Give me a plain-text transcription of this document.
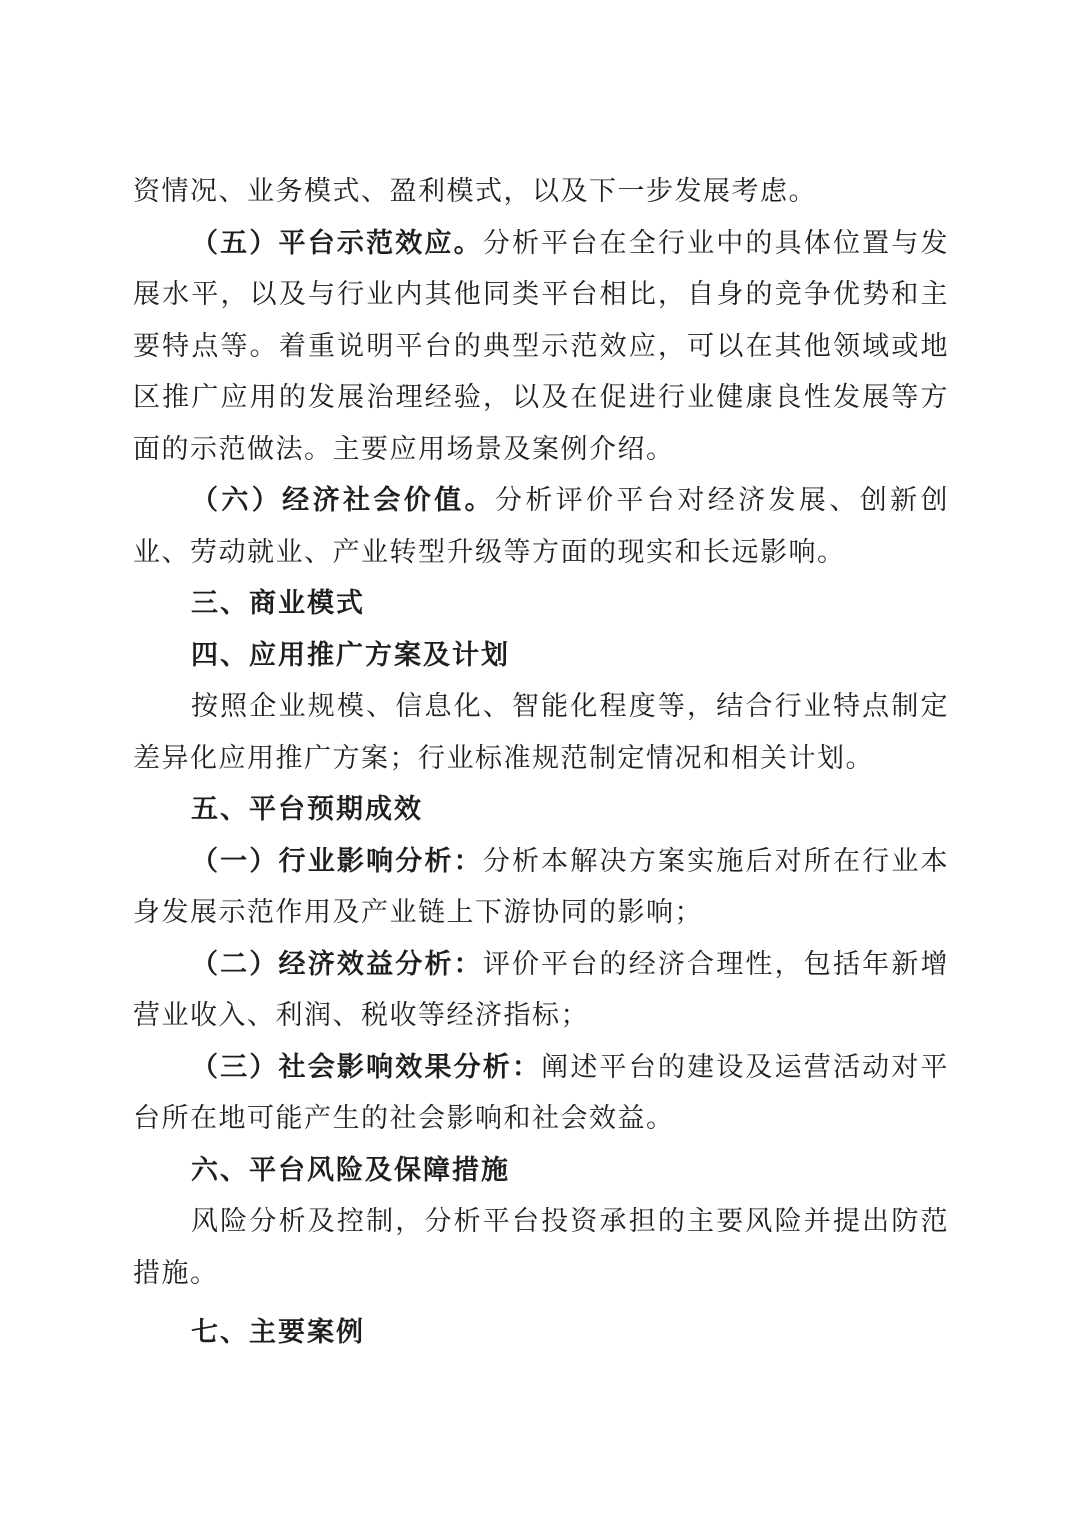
资情况、业务模式、盈利模式，以及下一步发展考虑。

（五）平台示范效应。分析平台在全行业中的具体位置与发展水平，以及与行业内其他同类平台相比，自身的竞争优势和主要特点等。着重说明平台的典型示范效应，可以在其他领域或地区推广应用的发展治理经验，以及在促进行业健康良性发展等方面的示范做法。主要应用场景及案例介绍。

（六）经济社会价值。分析评价平台对经济发展、创新创业、劳动就业、产业转型升级等方面的现实和长远影响。

三、商业模式

四、应用推广方案及计划

按照企业规模、信息化、智能化程度等，结合行业特点制定差异化应用推广方案；行业标准规范制定情况和相关计划。

五、平台预期成效

（一）行业影响分析：分析本解决方案实施后对所在行业本身发展示范作用及产业链上下游协同的影响；

（二）经济效益分析：评价平台的经济合理性，包括年新增营业收入、利润、税收等经济指标；

（三）社会影响效果分析：阐述平台的建设及运营活动对平台所在地可能产生的社会影响和社会效益。

六、平台风险及保障措施

风险分析及控制，分析平台投资承担的主要风险并提出防范措施。

七、主要案例
